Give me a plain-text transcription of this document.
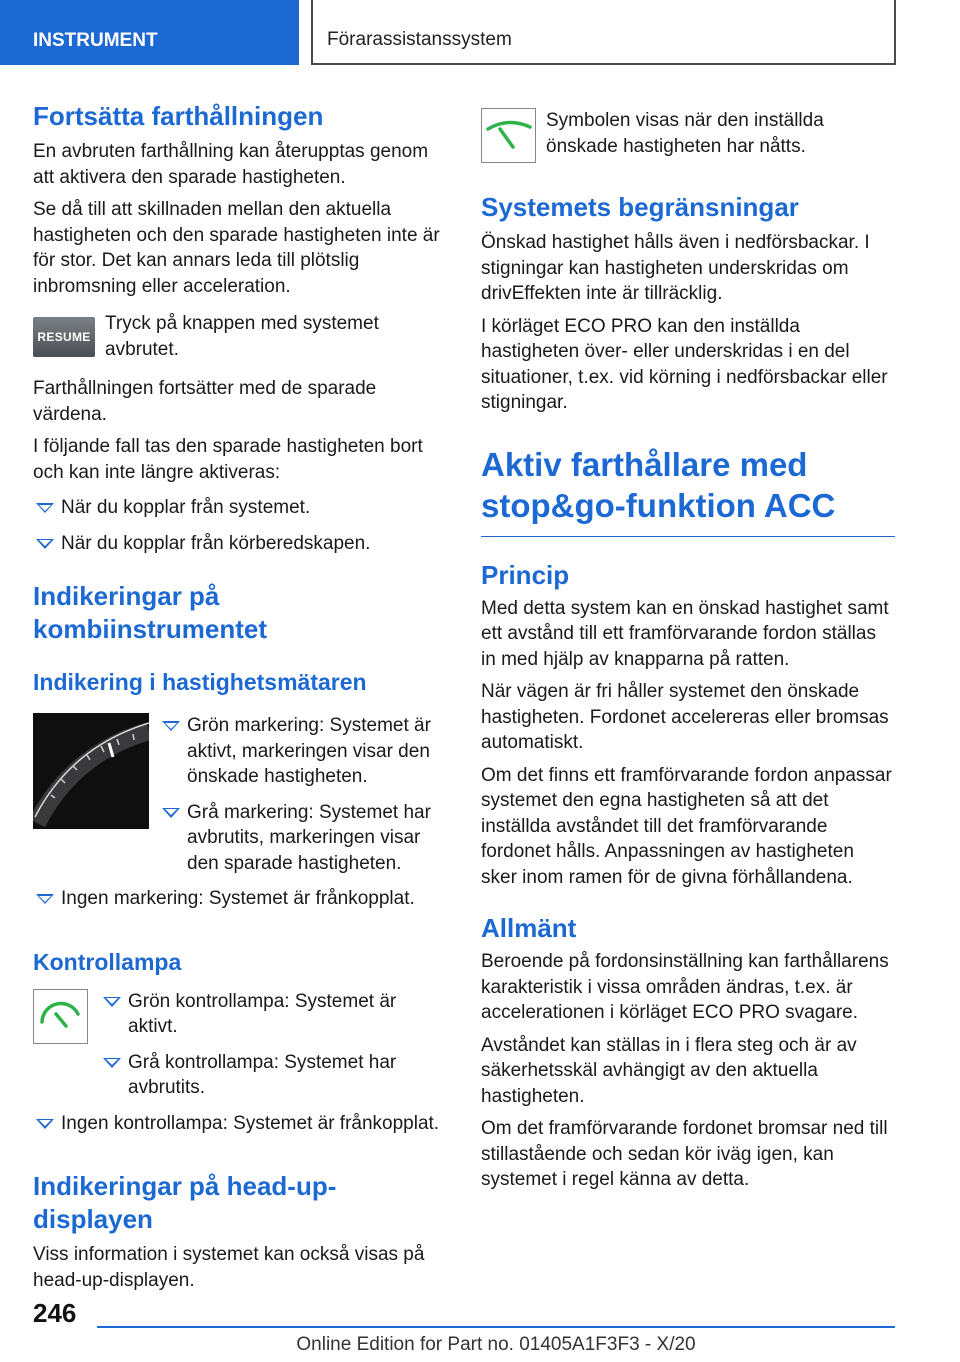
INSTRUMENT	Förarassistanssystem
Fortsätta farthållningen

En avbruten farthållning kan återupptas genom att aktivera den sparade hastigheten.

Se då till att skillnaden mellan den aktuella hastigheten och den sparade hastigheten inte är för stor. Det kan annars leda till plötslig inbromsning eller acceleration.

RESUME

Tryck på knappen med systemet avbrutet.

Farthållningen fortsätter med de sparade värdena.

I följande fall tas den sparade hastigheten bort och kan inte längre aktiveras:

När du kopplar från systemet.
När du kopplar från körberedskapen.
Indikeringar på kombiinstrumentet
Indikering i hastighetsmätaren
Grön markering: Systemet är aktivt, markeringen visar den önskade hastigheten.
Grå markering: Systemet har avbrutits, markeringen visar den sparade hastigheten.
Ingen markering: Systemet är frånkopplat.
Kontrollampa
Grön kontrollampa: Systemet är aktivt.
Grå kontrollampa: Systemet har avbrutits.
Ingen kontrollampa: Systemet är frånkopplat.
Indikeringar på head-up-displayen

Viss information i systemet kan också visas på head-up-displayen.

Symbolen visas när den inställda önskade hastigheten har nåtts.

Systemets begränsningar

Önskad hastighet hålls även i nedförsbackar. I stigningar kan hastigheten underskridas om drivEffekten inte är tillräcklig.

I körläget ECO PRO kan den inställda hastigheten över- eller underskridas i en del situationer, t.ex. vid körning i nedförsbackar eller stigningar.

Aktiv farthållare med stop&go-funktion ACC
Princip

Med detta system kan en önskad hastighet samt ett avstånd till ett framförvarande fordon ställas in med hjälp av knapparna på ratten.

När vägen är fri håller systemet den önskade hastigheten. Fordonet accelereras eller bromsas automatiskt.

Om det finns ett framförvarande fordon anpassar systemet den egna hastigheten så att det inställda avståndet till det framförvarande fordonet hålls. Anpassningen av hastigheten sker inom ramen för de givna förhållandena.

Allmänt

Beroende på fordonsinställning kan farthållarens karakteristik i vissa områden ändras, t.ex. är accelerationen i körläget ECO PRO svagare.

Avståndet kan ställas in i flera steg och är av säkerhetsskäl avhängigt av den aktuella hastigheten.

Om det framförvarande fordonet bromsar ned till stillastående och sedan kör iväg igen, kan systemet i regel känna av detta.

246
Online Edition for Part no. 01405A1F3F3 - X/20
